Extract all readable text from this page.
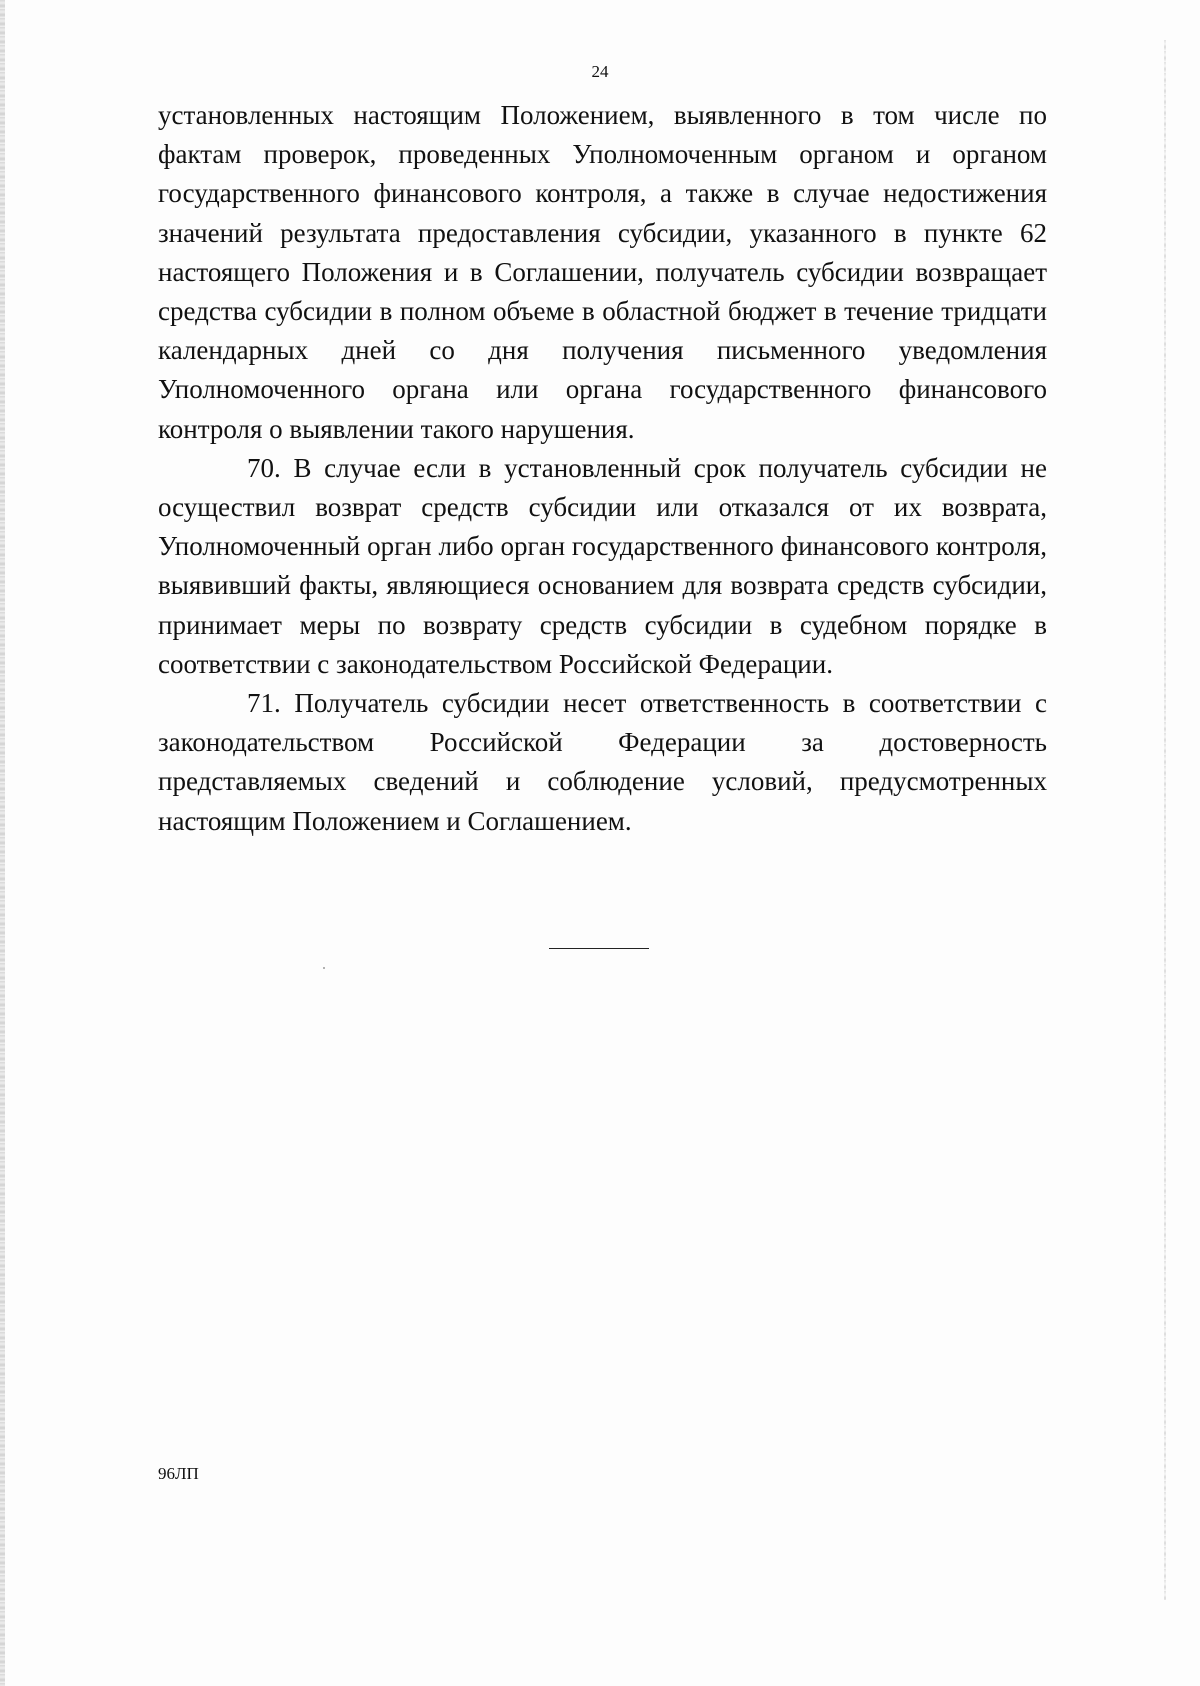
24

установленных настоящим Положением, выявленного в том числе по фактам проверок, проведенных Уполномоченным органом и органом государственного финансового контроля, а также в случае недостижения значений результата предоставления субсидии, указанного в пункте 62 настоящего Положения и в Соглашении, получатель субсидии возвращает средства субсидии в полном объеме в областной бюджет в течение тридцати календарных дней со дня получения письменного уведомления Уполномоченного органа или органа государственного финансового контроля о выявлении такого нарушения.

70. В случае если в установленный срок получатель субсидии не осуществил возврат средств субсидии или отказался от их возврата, Уполномоченный орган либо орган государственного финансового контроля, выявивший факты, являющиеся основанием для возврата средств субсидии, принимает меры по возврату средств субсидии в судебном порядке в соответствии с законодательством Российской Федерации.

71. Получатель субсидии несет ответственность в соответствии с законодательством Российской Федерации за достоверность представляемых сведений и соблюдение условий, предусмотренных настоящим Положением и Соглашением.

96ЛП
